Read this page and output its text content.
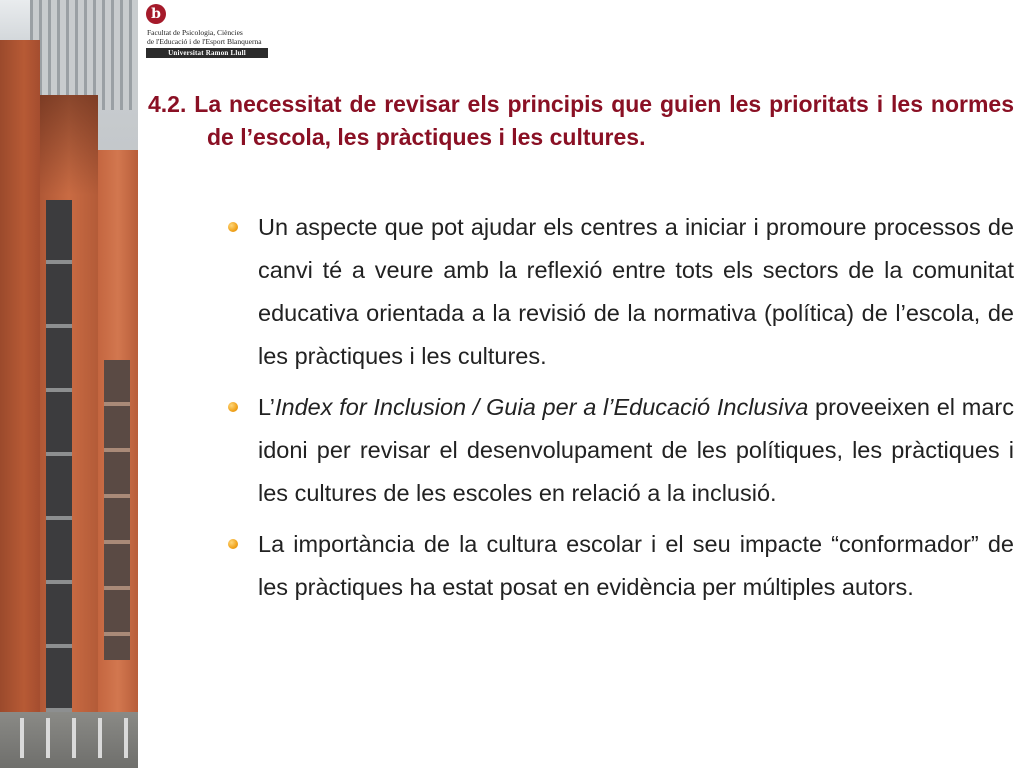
b
Facultat de Psicologia, Ciències
de l'Educació i de l'Esport Blanquerna
Universitat Ramon Llull
4.2. La necessitat de revisar els principis que guien les prioritats i les normes de l’escola, les pràctiques i les cultures.
Un aspecte que pot ajudar els centres a iniciar i promoure processos de canvi té a veure amb la reflexió entre tots els sectors de la comunitat educativa orientada a la revisió de la normativa (política) de l’escola, de les pràctiques i les cultures.
L’Index for Inclusion / Guia per a l’Educació Inclusiva proveeixen el marc idoni per revisar el desenvolupament de les polítiques, les pràctiques i les cultures de les escoles en relació a la inclusió.
La importància de la cultura escolar i el seu impacte “conformador” de les pràctiques ha estat posat en evidència per múltiples autors.
